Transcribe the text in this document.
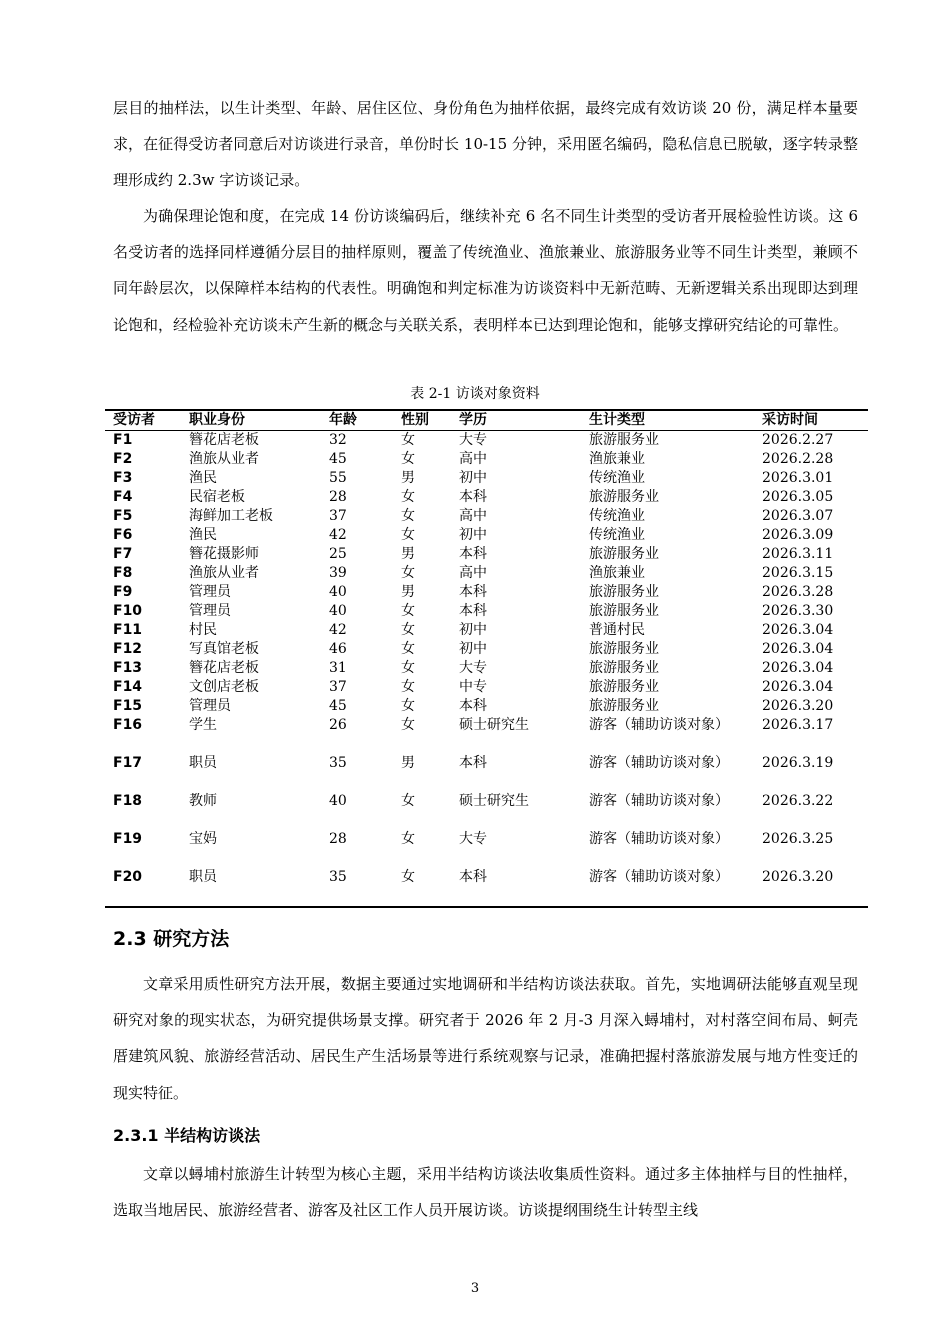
层目的抽样法，以生计类型、年龄、居住区位、身份角色为抽样依据，最终完成有效访谈 20 份，满足样本量要求，在征得受访者同意后对访谈进行录音，单份时长 10-15 分钟，采用匿名编码，隐私信息已脱敏，逐字转录整理形成约 2.3w 字访谈记录。

为确保理论饱和度，在完成 14 份访谈编码后，继续补充 6 名不同生计类型的受访者开展检验性访谈。这 6 名受访者的选择同样遵循分层目的抽样原则，覆盖了传统渔业、渔旅兼业、旅游服务业等不同生计类型，兼顾不同年龄层次，以保障样本结构的代表性。明确饱和判定标准为访谈资料中无新范畴、无新逻辑关系出现即达到理论饱和，经检验补充访谈未产生新的概念与关联关系，表明样本已达到理论饱和，能够支撑研究结论的可靠性。

表 2-1 访谈对象资料
受访者	职业身份	年龄	性别	学历	生计类型	采访时间
F1	簪花店老板	32	女	大专	旅游服务业	2026.2.27
F2	渔旅从业者	45	女	高中	渔旅兼业	2026.2.28
F3	渔民	55	男	初中	传统渔业	2026.3.01
F4	民宿老板	28	女	本科	旅游服务业	2026.3.05
F5	海鲜加工老板	37	女	高中	传统渔业	2026.3.07
F6	渔民	42	女	初中	传统渔业	2026.3.09
F7	簪花摄影师	25	男	本科	旅游服务业	2026.3.11
F8	渔旅从业者	39	女	高中	渔旅兼业	2026.3.15
F9	管理员	40	男	本科	旅游服务业	2026.3.28
F10	管理员	40	女	本科	旅游服务业	2026.3.30
F11	村民	42	女	初中	普通村民	2026.3.04
F12	写真馆老板	46	女	初中	旅游服务业	2026.3.04
F13	簪花店老板	31	女	大专	旅游服务业	2026.3.04
F14	文创店老板	37	女	中专	旅游服务业	2026.3.04
F15	管理员	45	女	本科	旅游服务业	2026.3.20
F16	学生	26	女	硕士研究生	游客（辅助访谈对象）	2026.3.17
F17	职员	35	男	本科	游客（辅助访谈对象）	2026.3.19
F18	教师	40	女	硕士研究生	游客（辅助访谈对象）	2026.3.22
F19	宝妈	28	女	大专	游客（辅助访谈对象）	2026.3.25
F20	职员	35	女	本科	游客（辅助访谈对象）	2026.3.20
2.3 研究方法

文章采用质性研究方法开展，数据主要通过实地调研和半结构访谈法获取。首先，实地调研法能够直观呈现研究对象的现实状态，为研究提供场景支撑。研究者于 2026 年 2 月-3 月深入蟳埔村，对村落空间布局、蚵壳厝建筑风貌、旅游经营活动、居民生产生活场景等进行系统观察与记录，准确把握村落旅游发展与地方性变迁的现实特征。

2.3.1 半结构访谈法

文章以蟳埔村旅游生计转型为核心主题，采用半结构访谈法收集质性资料。通过多主体抽样与目的性抽样，选取当地居民、旅游经营者、游客及社区工作人员开展访谈。访谈提纲围绕生计转型主线

3
